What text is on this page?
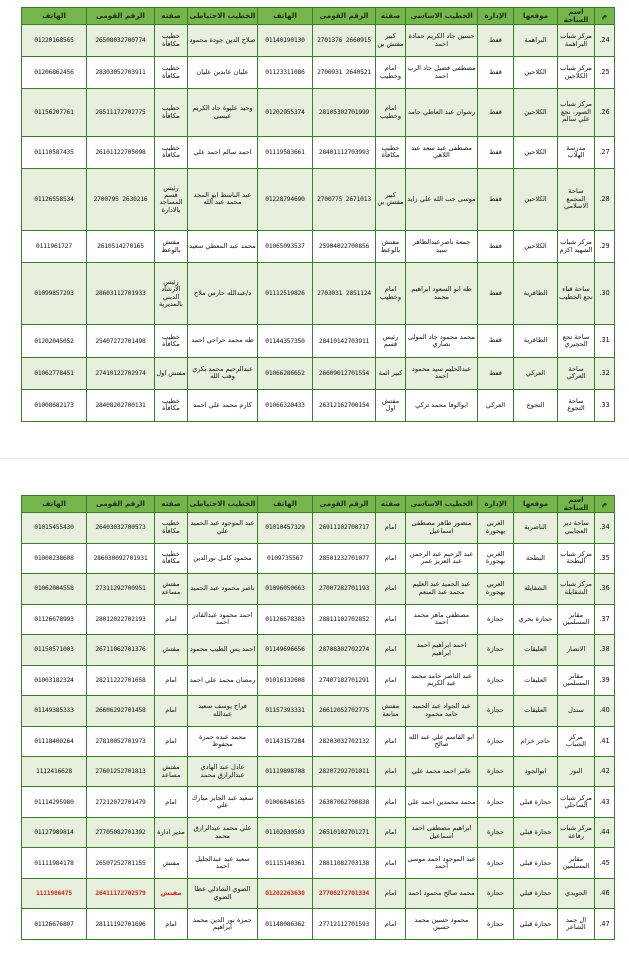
م	اسم الساحة	موقعها	الإدارة	الخطيب الاساسى	صفته	الرقم القومى	الهاتف	الخطيب الاحتياطى	صفته	الرقم القومى	الهاتف
24.	مركز شباب البراهمة	البراهمة	قفط	حسين جاد الكريم حمادة احمد	كبير مفتش بن	2660915 2701376	01140190130	صلاح الدين جودة محمود	خطيب مكافأة	26508032700774	01220168565
25.	مركز شباب الكلاحين	الكلاحين	قفط	مصطفى فضيل جاد الرب احمد	امام وخطيب	2640521 2700931	01123311086	عليان عابدين عليان	خطيب مكافأة	28303052703911	01206862456
26.	مركز شباب الصور، نجع علي سالم	الكلاحين	قفط	رشوان عبد العاطي حامد	امام وخطيب	28105302701999	01202955374	وحيد عليوة جاد الكريم عيسى	خطيب مكافأة	28511172702775	01156207761
27.	مدرسة الهلاب	الكلاحين	قفط	مصطفى عبد سعد عبد اللاهي	خطيب مكافأة	28401112703993	01119583661	احمد سالم احمد علي	خطيب مكافأة	26101122705098	01110587435
28.	ساحة المجمع الاسلامي	الكلاحين	قفط	موسى جب الله علي زايد	كبير مفتش بن	2671013 2700775	01228794690	عبد الباسط ابو المجد محمد عبد الله	رئيس قسم المساجد بالادارة	2630216 2700795	01126558534
29.	مركز شباب الشهيد اكرم	الكلاحين	قفط	جمعة ناصرعبدالظاهر سيد	مفتش بالوعظ	25904022700856	01065093537	محمد عبد المعطي سعيد	مفتش بالوعظ	2610514270165	0111961727
30.	ساحة قباء نجع الخطيب	الظافرية	قفط	طه ابو السعود ابراهيم محمد	امام وخطيب	2851124 2703031	01112519826	د/عبدالله حارس ملاح	رئيس الارشاد الديني بالمديرية	28603112701933	01099857293
31.	ساحة نجع الحجيري	الظافرية	قفط	محمد محمود جاد المولى نصاري	رئيس قسم	28410142703911	01144357350	طه محمد حراجي احمد	خطيب مكافأة	25407272701498	01202045052
32.	ساحة العركي	العركي	قفط	عبدالحليم سيد محمود احمد	كبير ائمة	26609012701554	01066286652	عبدالرحيم محمد بكري وهب الله	مفتش اول	27410122702974	01062778451
33.	ساحة التجوع	التجوع	العركي	ابوالوفا محمد تركي	مفتش اول	26312162700154	01066320433	كارم محمد علي احمد	خطيب مكافأة	28408202700131	01008682173
م	اسم الساحة	موقعها	الإدارة	الخطيب الاساسى	صفته	الرقم القومى	الهاتف	الخطيب الاحتياطى	صفته	الرقم القومى	الهاتف
34.	ساحة دير العجايبي	الناصرية	الغربي بهجورة	منصور طاهر مصطفى اسماعيل	امام	26911102700717	01010457329	عبد الموجود عبد الحميد علي	خطيب مكافأة	26403032700573	01015455430
35.	مركز شباب البطحة	البطحة	الغربي بهجورة	عبد الرحيم عبد الرحمن عبد العزيز عمر	امام	28501232701077	0109735567	محمود كامل نورالدين	خطيب مكافأة	286030092701931	01000238608
36.	مركز شباب الشقايلة	الشقايلة	الغربي بهجورة	عبد الحميد عبد العليم محمد عبد المنعم	امام	27007282701193	01096050663	ناصر محمود عبد الحميد	مفتش مساعد	27311292700951	01062004558
37.	مقابر المسلمين	حجازة بحري	حجازة	مصطفى ماهر محمد احمد	امام	28811102702852	01126678383	احمد محمود عبدالقادر احمد	امام	28012022702193	01126678993
38.	الانصار	العليقات	حجازة	احمد ابراهيم احمد ابراهيم	امام	28708302702274	01149696656	احمد يس الطيب محمود	مفتش	26711062701376	01150571003
39.	مقابر المسلمين	العليقات	حجازة	عبد الناصر حامد محمد عبد الكريم	امام	27407182701291	01016132608	رمضان محمد علي احمد	امام	28211222701658	01003182324
40.	سندل	العليقات	حجازة	عبد الجواد عبد الحميد حامد محمود	مفتش متابعة	26612052702775	01157393331	فراج يوسف سعيد عبدالله	امام	26606292701458	01149385333
41.	مركز الشباب	حاجر خزام	حجازة	ابو القاسم علي عبد الله صالح	امام	28203032702132	01143157284	محمد عبده حمزة محفوظ	امام	27810052701973	01118400264
42.	النور	ابوالجود	حجازة	عامر احمد محمد علي	امام	28207292701011	01119898708	عادل عبد الهادي عبدالرازق محمد	مفتش مساعد	27601252701813	1112416628
43.	مركز شباب الساحلي	حجازة قبلي	حجازة	محمد محمدين احمد علي	امام	26307062700838	01006846165	سعيد عبد الجابر مبارك علي	امام	27212072701479	01114295980
44.	مركز شباب رفاعة	حجازة قبلي	حجازة	ابراهيم مصطفى احمد اسماعيل	امام	26510102701271	01102030503	علي محمد عبدالرازق محمد	مدير ادارة	27705082701392	01127989814
45.	مقابر المسلمين	حجازة قبلي	حجازة	عبد الموجود احمد موسى احمد	امام	28811082703138	01115140361	سعيد عبد عبدالجليل احمد	مفتش	26507252701155	01111984178
46.	الجويدي	حجازة قبلي	حجازة	محمد صالح محمود احمد	امام	27708272701334	01202263630	الضوي الشاذلي عطا الضوي	مفتش	26411172702579	1111986475
47.	ال حمد الشاعر	حجازة قبلي	حجازة	محمود حسين محمد حسين	امام	27712112701593	01148086362	حمزة نور الدين محمد ابراهيم	امام	28111192701696	01126676807
